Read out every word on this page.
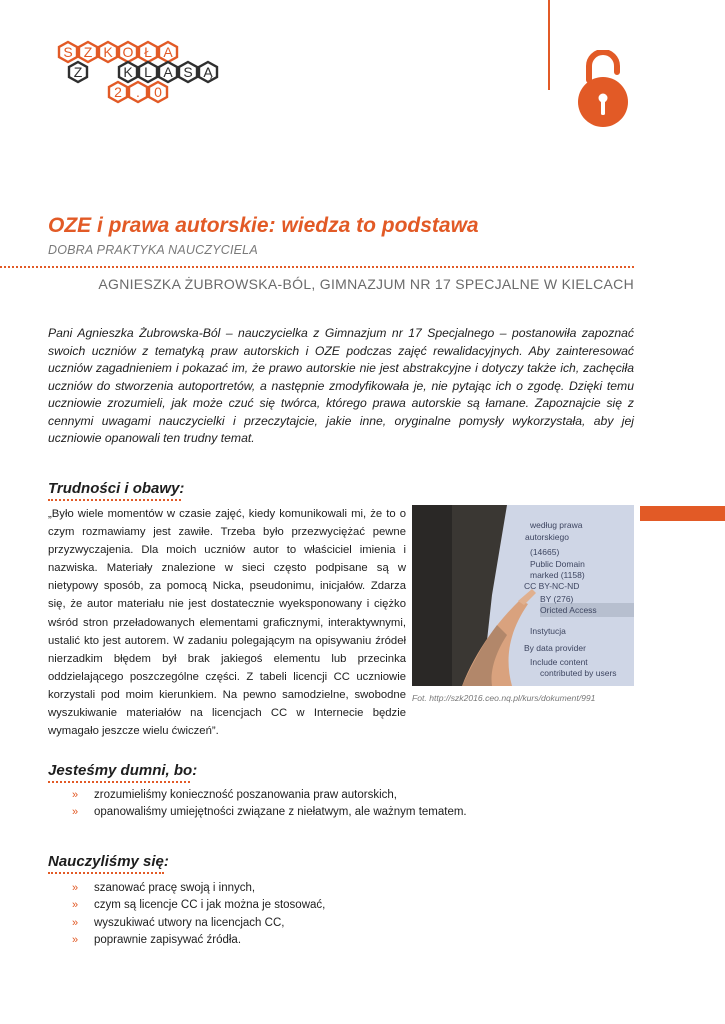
S Z K O Ł A
Z	K L A S Ą
2 . 0
OZE i prawa autorskie: wiedza to podstawa
DOBRA PRAKTYKA NAUCZYCIELA
AGNIESZKA ŻUBROWSKA-BÓL, GIMNAZJUM NR 17 SPECJALNE W KIELCACH

Pani Agnieszka Żubrowska-Ból – nauczycielka z Gimnazjum nr 17 Specjalnego – postanowiła zapoznać swoich uczniów z tematyką praw autorskich i OZE podczas zajęć rewalidacyjnych. Aby zainteresować uczniów zagadnieniem i pokazać im, że prawo autorskie nie jest abstrakcyjne i dotyczy także ich, zachęciła uczniów do stworzenia autoportretów, a następnie zmodyfikowała je, nie pytając ich o zgodę. Dzięki temu uczniowie zrozumieli, jak może czuć się twórca, którego prawa autorskie są łamane. Zapoznajcie się z cennymi uwagami nauczycielki i przeczytajcie, jakie inne, oryginalne pomysły wykorzystała, aby jej uczniowie opanowali ten trudny temat.

Trudności i obawy:

„Było wiele momentów w czasie zajęć, kiedy komunikowali mi, że to o czym rozmawiamy jest zawiłe. Trzeba było przezwyciężać pewne przyzwyczajenia. Dla moich uczniów autor to właściciel imienia i nazwiska. Materiały znalezione w sieci często podpisane są w nietypowy sposób, za pomocą Nicka, pseudonimu, inicjałów. Zdarza się, że autor materiału nie jest dostatecznie wyeksponowany i ciężko wśród stron przeładowanych elementami graficznymi, interaktywnymi, ustalić kto jest autorem. W zadaniu polegającym na opisywaniu źródeł nierzadkim błędem był brak jakiegoś elementu lub przecinka oddzielającego poszczególne części. Z tabeli licencji CC uczniowie korzystali pod moim kierunkiem. Na pewno samodzielne, swobodne wyszukiwanie materiałów na licencjach CC w Internecie będzie wymagało jeszcze wielu ćwiczeń”.

według prawa
autorskiego
(14665)
Public Domain
marked (1158)
CC BY-NC-ND
BY (276)
Oricted Access
Instytucja
By data provider
Include content
contributed by users
Fot. http://szk2016.ceo.nq.pl/kurs/dokument/991
Jesteśmy dumni, bo:
» zrozumieliśmy konieczność poszanowania praw autorskich,
» opanowaliśmy umiejętności związane z niełatwym, ale ważnym tematem.
Nauczyliśmy się:
» szanować pracę swoją i innych,
» czym są licencje CC i jak można je stosować,
» wyszukiwać utwory na licencjach CC,
» poprawnie zapisywać źródła.
